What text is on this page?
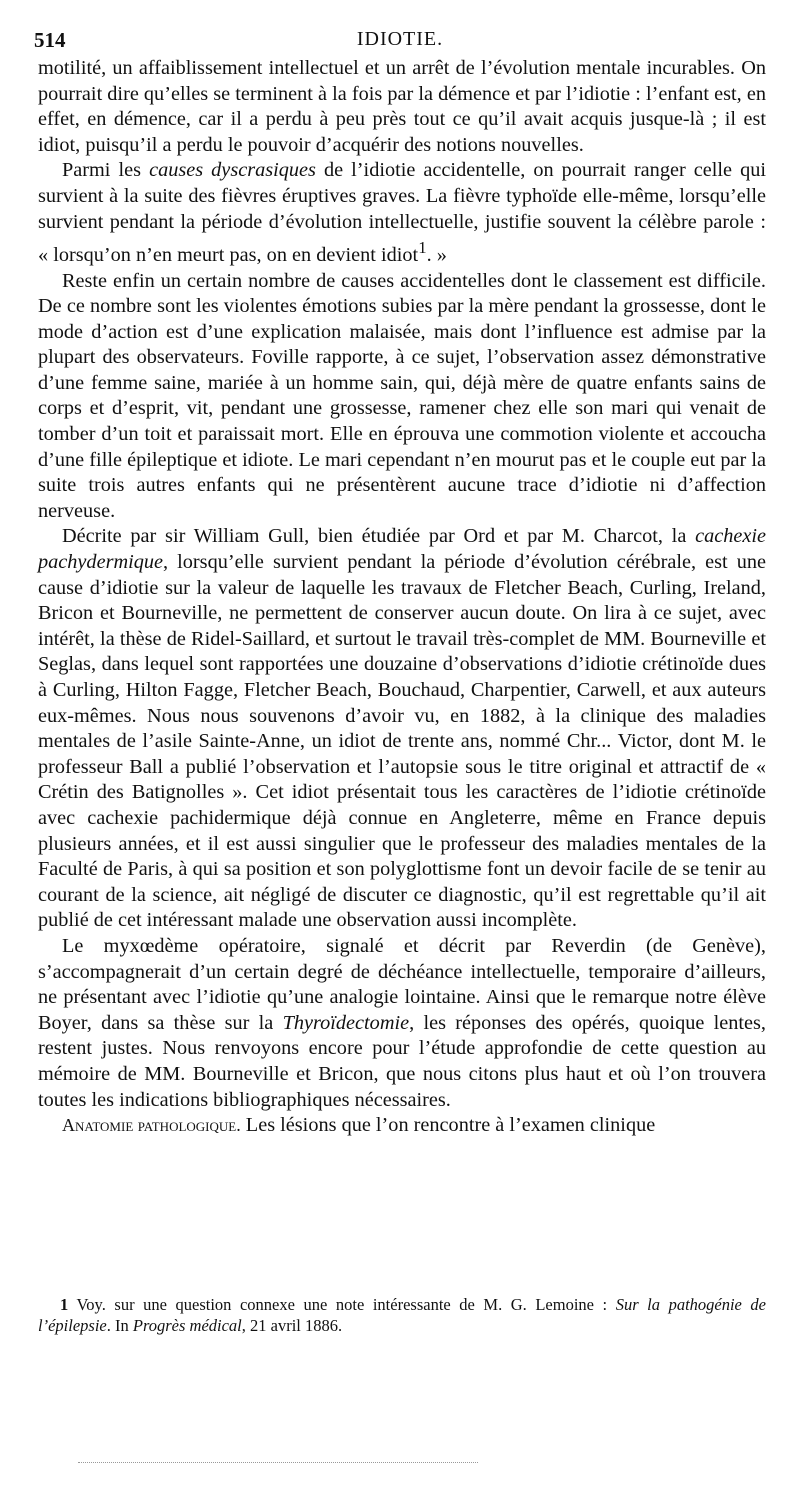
514	IDIOTIE.

motilité, un affaiblissement intellectuel et un arrêt de l’évolution mentale incurables. On pourrait dire qu’elles se terminent à la fois par la démence et par l’idiotie : l’enfant est, en effet, en démence, car il a perdu à peu près tout ce qu’il avait acquis jusque-là ; il est idiot, puisqu’il a perdu le pouvoir d’acquérir des notions nouvelles.

Parmi les causes dyscrasiques de l’idiotie accidentelle, on pourrait ranger celle qui survient à la suite des fièvres éruptives graves. La fièvre typhoïde elle-même, lorsqu’elle survient pendant la période d’évolution intellectuelle, justifie souvent la célèbre parole : « lorsqu’on n’en meurt pas, on en devient idiot$^1$. »

Reste enfin un certain nombre de causes accidentelles dont le classement est difficile. De ce nombre sont les violentes émotions subies par la mère pendant la grossesse, dont le mode d’action est d’une explication malaisée, mais dont l’influence est admise par la plupart des observateurs. Foville rapporte, à ce sujet, l’observation assez démonstrative d’une femme saine, mariée à un homme sain, qui, déjà mère de quatre enfants sains de corps et d’esprit, vit, pendant une grossesse, ramener chez elle son mari qui venait de tomber d’un toit et paraissait mort. Elle en éprouva une commotion violente et accoucha d’une fille épileptique et idiote. Le mari cependant n’en mourut pas et le couple eut par la suite trois autres enfants qui ne présentèrent aucune trace d’idiotie ni d’affection nerveuse.

Décrite par sir William Gull, bien étudiée par Ord et par M. Charcot, la cachexie pachydermique, lorsqu’elle survient pendant la période d’évolution cérébrale, est une cause d’idiotie sur la valeur de laquelle les travaux de Fletcher Beach, Curling, Ireland, Bricon et Bourneville, ne permettent de conserver aucun doute. On lira à ce sujet, avec intérêt, la thèse de Ridel-Saillard, et surtout le travail très-complet de MM. Bourneville et Seglas, dans lequel sont rapportées une douzaine d’observations d’idiotie crétinoïde dues à Curling, Hilton Fagge, Fletcher Beach, Bouchaud, Charpentier, Carwell, et aux auteurs eux-mêmes. Nous nous souvenons d’avoir vu, en 1882, à la clinique des maladies mentales de l’asile Sainte-Anne, un idiot de trente ans, nommé Chr... Victor, dont M. le professeur Ball a publié l’observation et l’autopsie sous le titre original et attractif de « Crétin des Batignolles ». Cet idiot présentait tous les caractères de l’idiotie crétinoïde avec cachexie pachidermique déjà connue en Angleterre, même en France depuis plusieurs années, et il est aussi singulier que le professeur des maladies mentales de la Faculté de Paris, à qui sa position et son polyglottisme font un devoir facile de se tenir au courant de la science, ait négligé de discuter ce diagnostic, qu’il est regrettable qu’il ait publié de cet intéressant malade une observation aussi incomplète.

Le myxœdème opératoire, signalé et décrit par Reverdin (de Genève), s’accompagnerait d’un certain degré de déchéance intellectuelle, temporaire d’ailleurs, ne présentant avec l’idiotie qu’une analogie lointaine. Ainsi que le remarque notre élève Boyer, dans sa thèse sur la Thyroïdectomie, les réponses des opérés, quoique lentes, restent justes. Nous renvoyons encore pour l’étude approfondie de cette question au mémoire de MM. Bourneville et Bricon, que nous citons plus haut et où l’on trouvera toutes les indications bibliographiques nécessaires.

Anatomie pathologique. Les lésions que l’on rencontre à l’examen clinique

1 Voy. sur une question connexe une note intéressante de M. G. Lemoine : Sur la pathogénie de l’épilepsie. In Progrès médical, 21 avril 1886.
